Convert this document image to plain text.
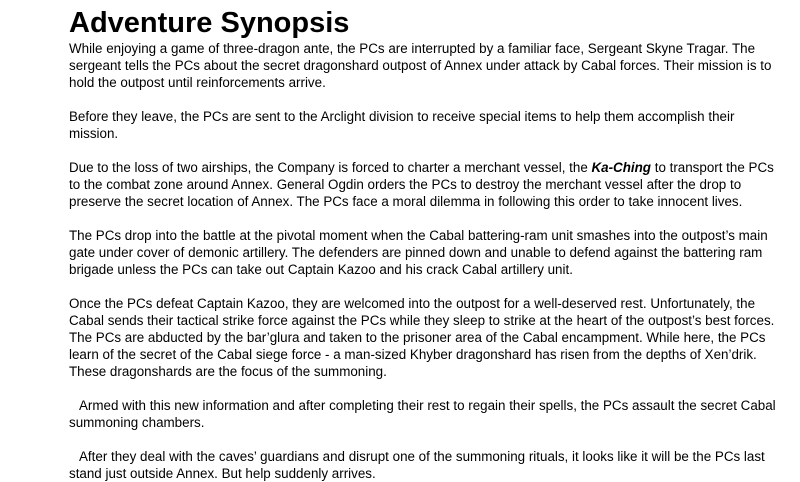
Adventure Synopsis

While enjoying a game of three-dragon ante, the PCs are interrupted by a familiar face, Sergeant Skyne Tragar. The sergeant tells the PCs about the secret dragonshard outpost of Annex under attack by Cabal forces. Their mission is to hold the outpost until reinforcements arrive.

Before they leave, the PCs are sent to the Arclight division to receive special items to help them accomplish their mission.

Due to the loss of two airships, the Company is forced to charter a merchant vessel, the Ka-Ching to transport the PCs to the combat zone around Annex. General Ogdin orders the PCs to destroy the merchant vessel after the drop to preserve the secret location of Annex. The PCs face a moral dilemma in following this order to take innocent lives.

The PCs drop into the battle at the pivotal moment when the Cabal battering-ram unit smashes into the outpost’s main gate under cover of demonic artillery. The defenders are pinned down and unable to defend against the battering ram brigade unless the PCs can take out Captain Kazoo and his crack Cabal artillery unit.

Once the PCs defeat Captain Kazoo, they are welcomed into the outpost for a well-deserved rest. Unfortunately, the Cabal sends their tactical strike force against the PCs while they sleep to strike at the heart of the outpost’s best forces. The PCs are abducted by the bar’glura and taken to the prisoner area of the Cabal encampment. While here, the PCs learn of the secret of the Cabal siege force - a man-sized Khyber dragonshard has risen from the depths of Xen’drik. These dragonshards are the focus of the summoning.

Armed with this new information and after completing their rest to regain their spells, the PCs assault the secret Cabal summoning chambers.

After they deal with the caves’ guardians and disrupt one of the summoning rituals, it looks like it will be the PCs last stand just outside Annex. But help suddenly arrives.
